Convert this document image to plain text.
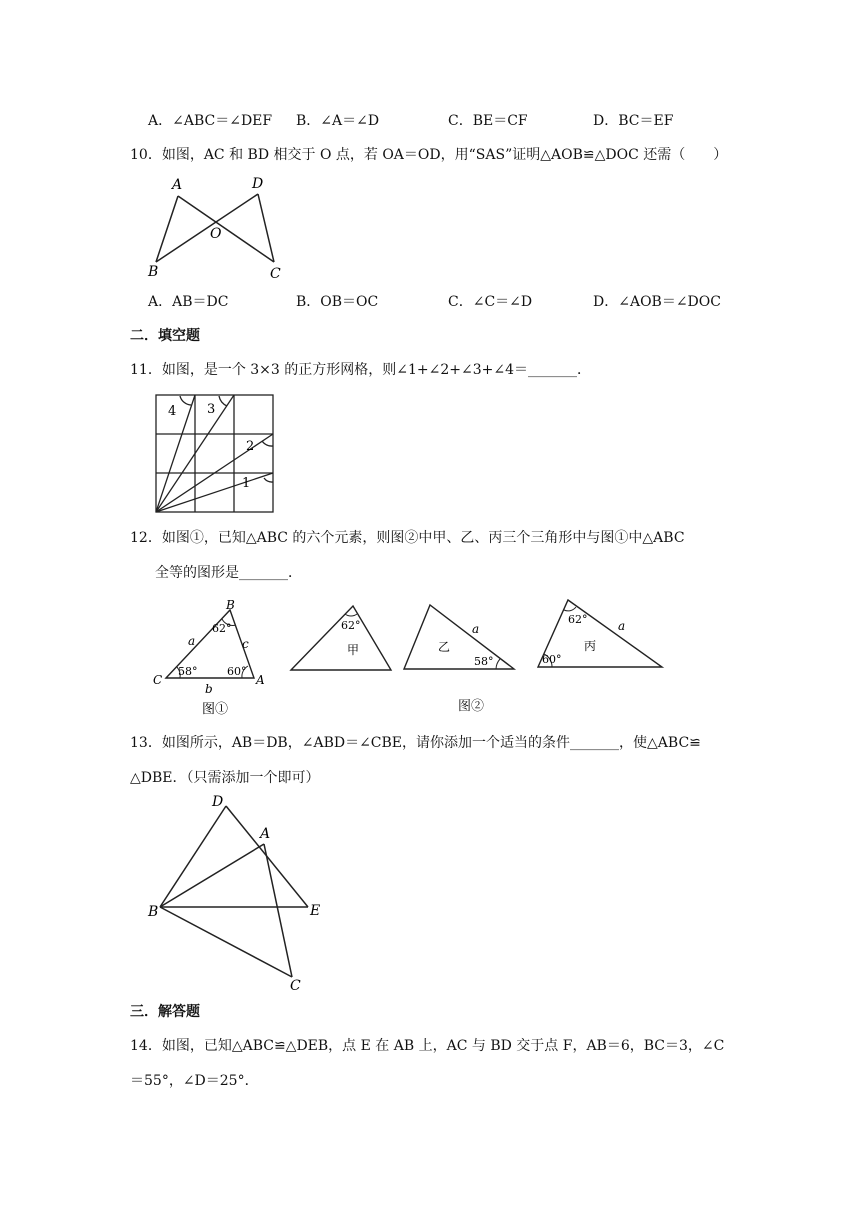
A．∠ABC＝∠DEF B．∠A＝∠D	C．BE＝CF	D．BC＝EF
10．如图，AC 和 BD 相交于 O 点，若 OA＝OD，用“SAS”证明△AOB≌△DOC 还需（　　）
A	D
O
B	C
A．AB＝DC	B．OB＝OC	C．∠C＝∠D	D．∠AOB＝∠DOC
二．填空题
11．如图，是一个 3×3 的正方形网格，则∠1+∠2+∠3+∠4＝_______．
4 3
2
1
12．如图①，已知△ABC 的六个元素，则图②中甲、乙、丙三个三角形中与图①中△ABC
全等的图形是_______．
B
C	A
a
b
c
62°
58°	60°
图①
62°
甲
a
乙
58°
62°	a
丙
60°
图②
13．如图所示，AB＝DB，∠ABD＝∠CBE，请你添加一个适当的条件_______，使△ABC≌
△DBE．（只需添加一个即可）
D
A
B	E
C
三．解答题
14．如图，已知△ABC≌△DEB，点 E 在 AB 上，AC 与 BD 交于点 F，AB＝6，BC＝3，∠C
＝55°，∠D＝25°．
